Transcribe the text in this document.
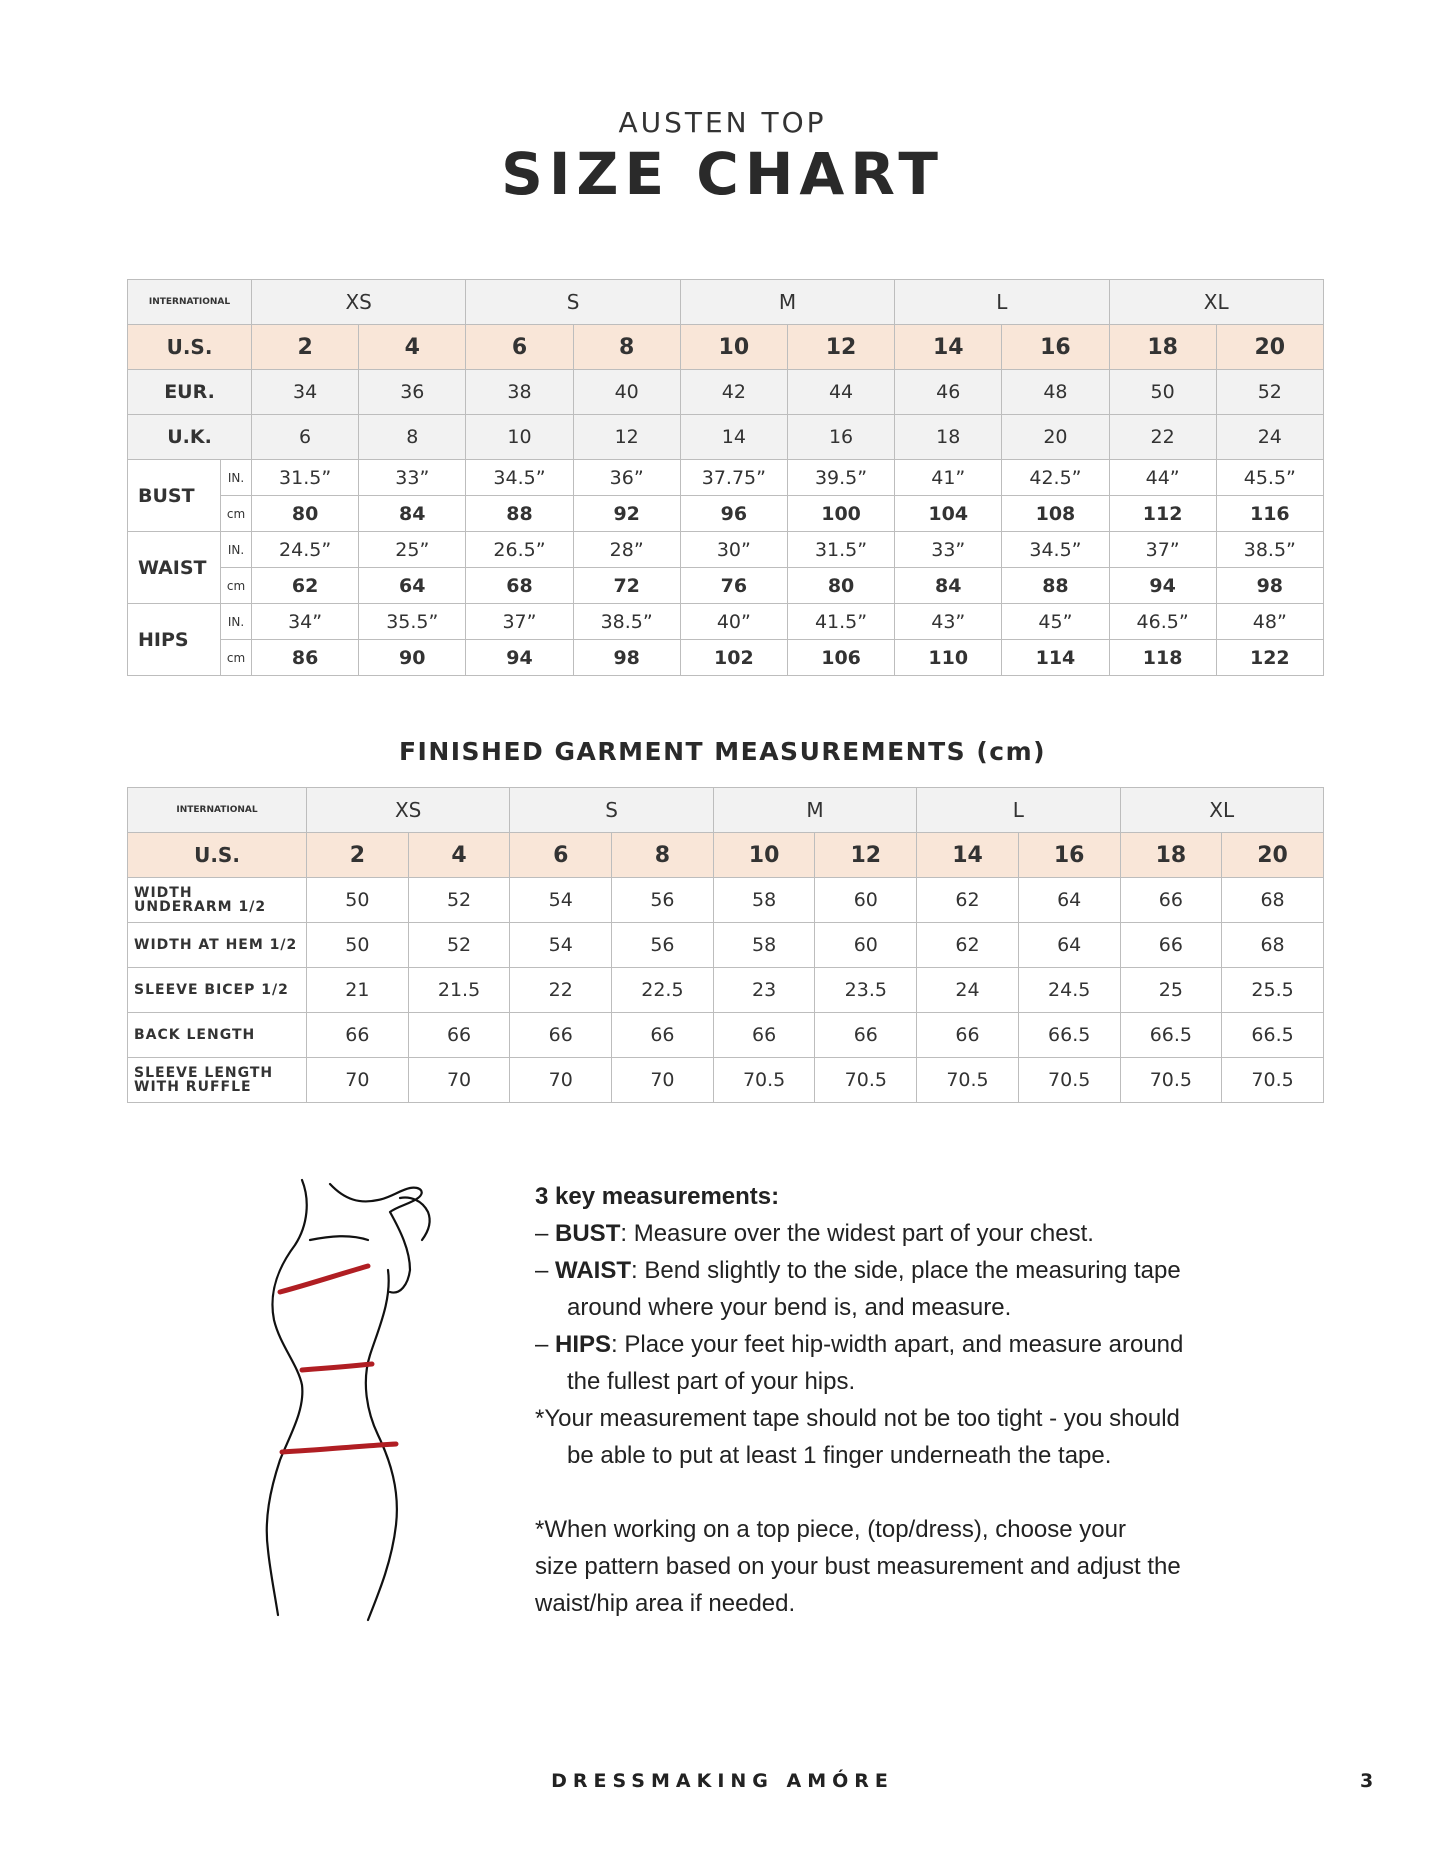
AUSTEN TOP
SIZE CHART
INTERNATIONAL		XS		S		M		L		XL	
U.S.		2	4	6	8	10	12	14	16	18	20
EUR.		34	36	38	40	42	44	46	48	50	52
U.K.		6	8	10	12	14	16	18	20	22	24
BUST	IN.	31.5”	33”	34.5”	36”	37.75”	39.5”	41”	42.5”	44”	45.5”
	cm	80	84	88	92	96	100	104	108	112	116
WAIST	IN.	24.5”	25”	26.5”	28”	30”	31.5”	33”	34.5”	37”	38.5”
	cm	62	64	68	72	76	80	84	88	94	98
HIPS	IN.	34”	35.5”	37”	38.5”	40”	41.5”	43”	45”	46.5”	48”
	cm	86	90	94	98	102	106	110	114	118	122
FINISHED GARMENT MEASUREMENTS (cm)
INTERNATIONAL	XS		S		M		L		XL	
U.S.	2	4	6	8	10	12	14	16	18	20
WIDTH
UNDERARM 1/2	50	52	54	56	58	60	62	64	66	68
WIDTH AT HEM 1/2	50	52	54	56	58	60	62	64	66	68
SLEEVE BICEP 1/2	21	21.5	22	22.5	23	23.5	24	24.5	25	25.5
BACK LENGTH	66	66	66	66	66	66	66	66.5	66.5	66.5
SLEEVE LENGTH
WITH RUFFLE	70	70	70	70	70.5	70.5	70.5	70.5	70.5	70.5

3 key measurements:

– BUST: Measure over the widest part of your chest.

– WAIST: Bend slightly to the side, place the measuring tape

around where your bend is, and measure.

– HIPS: Place your feet hip-width apart, and measure around

the fullest part of your hips.

*Your measurement tape should not be too tight - you should

be able to put at least 1 finger underneath the tape.

*When working on a top piece, (top/dress), choose your

size pattern based on your bust measurement and adjust the

waist/hip area if needed.

DRESSMAKING AMÓRE	3
